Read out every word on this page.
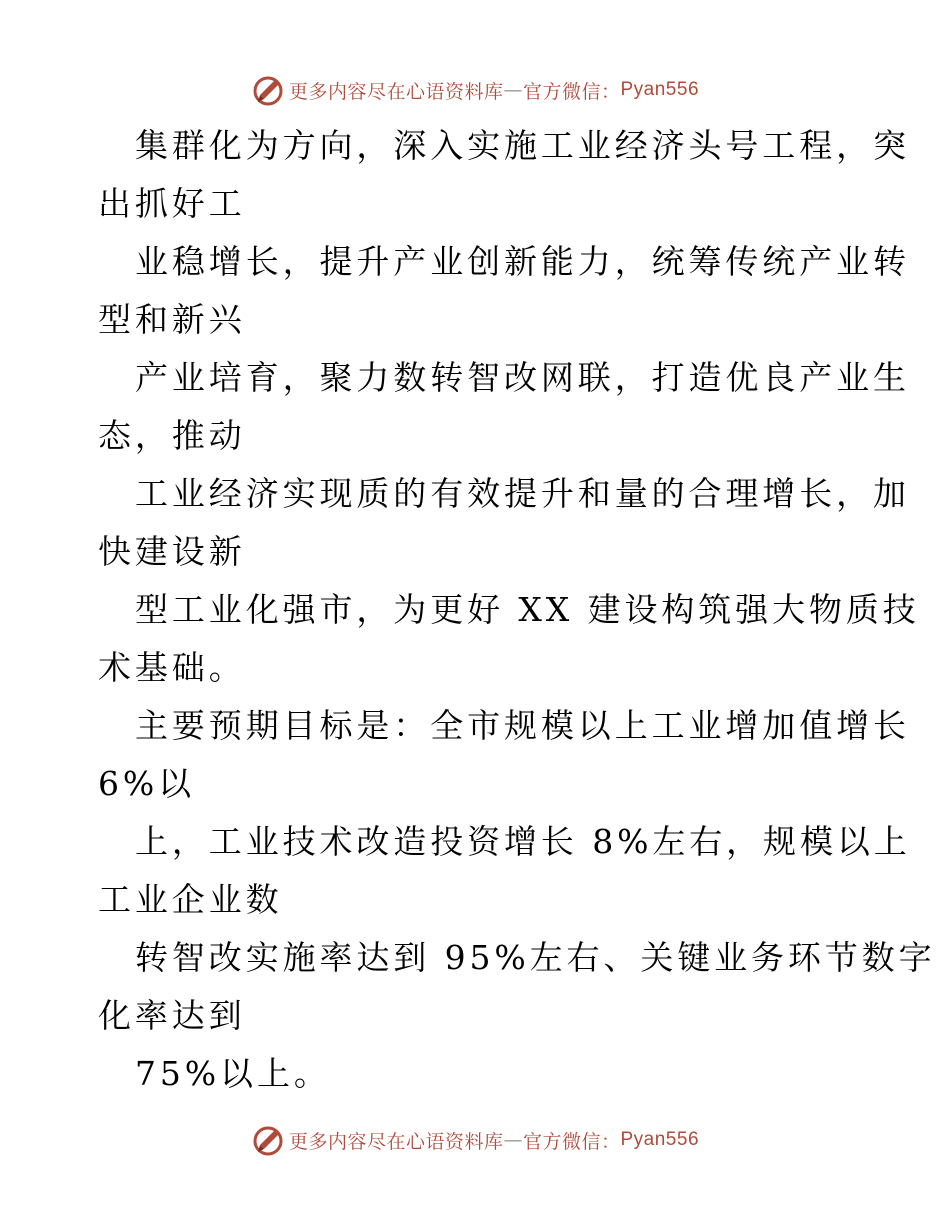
更多内容尽在心语资料库 — 官方微信： Pyan556
集群化为方向，深入实施工业经济头号工程，突
出抓好工
业稳增长，提升产业创新能力，统筹传统产业转
型和新兴
产业培育，聚力数转智改网联，打造优良产业生
态，推动
工业经济实现质的有效提升和量的合理增长，加
快建设新
型工业化强市，为更好 XX 建设构筑强大物质技
术基础。
主要预期目标是：全市规模以上工业增加值增长
6%以
上，工业技术改造投资增长 8%左右，规模以上
工业企业数
转智改实施率达到 95%左右、关键业务环节数字
化率达到
75%以上。
更多内容尽在心语资料库 — 官方微信： Pyan556
